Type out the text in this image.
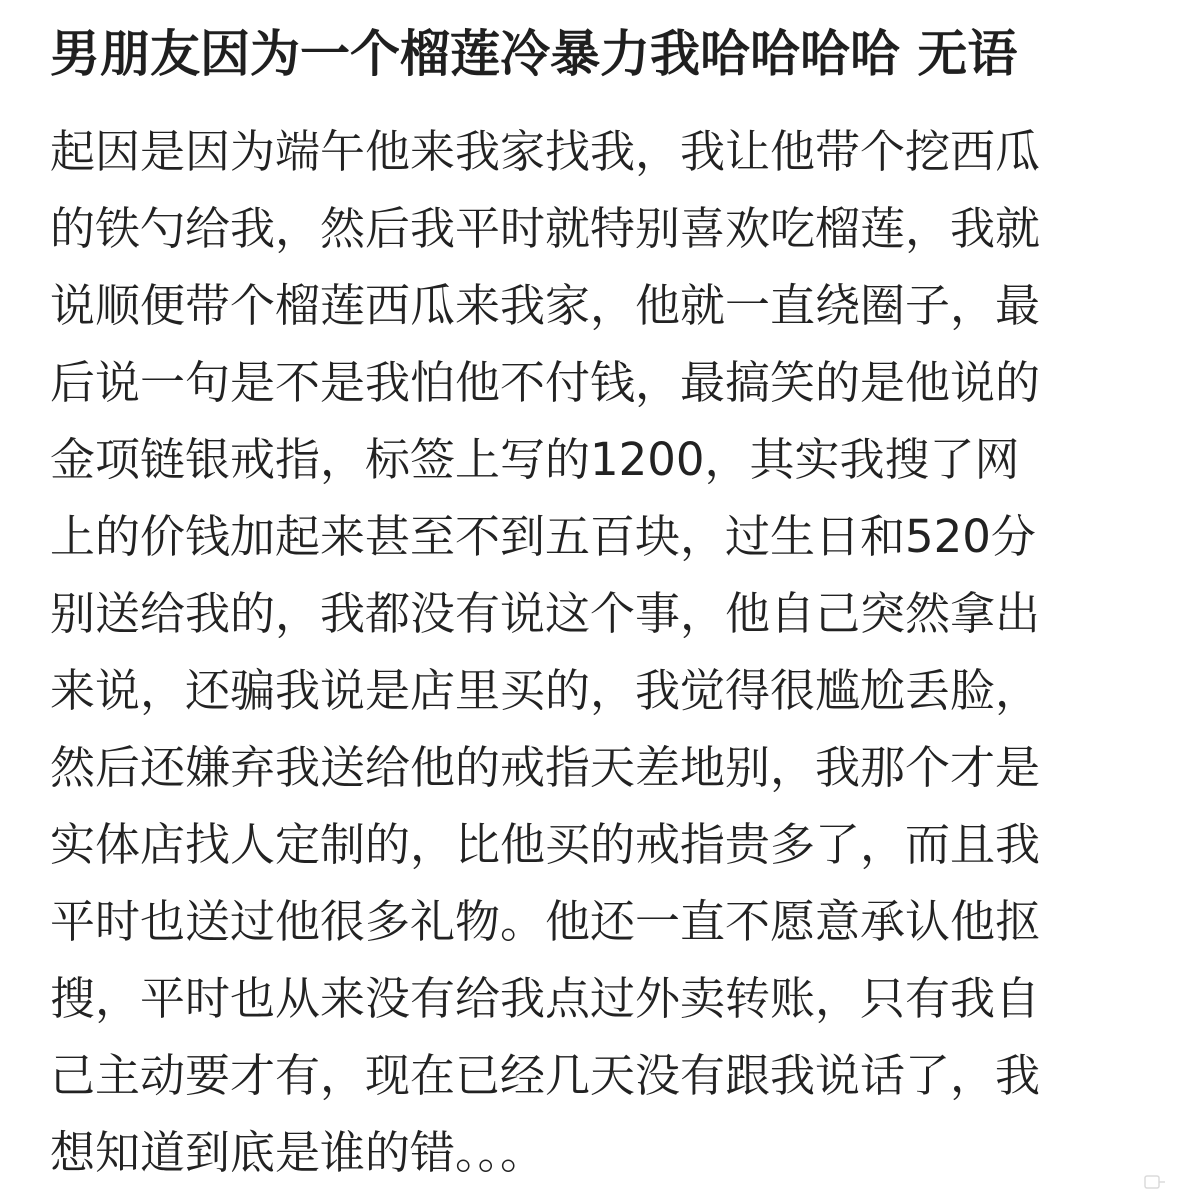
男朋友因为一个榴莲冷暴力我哈哈哈哈 无语
起因是因为端午他来我家找我，我让他带个挖西瓜
的铁勺给我，然后我平时就特别喜欢吃榴莲，我就
说顺便带个榴莲西瓜来我家，他就一直绕圈子，最
后说一句是不是我怕他不付钱，最搞笑的是他说的
金项链银戒指，标签上写的1200，其实我搜了网
上的价钱加起来甚至不到五百块，过生日和520分
别送给我的，我都没有说这个事，他自己突然拿出
来说，还骗我说是店里买的，我觉得很尴尬丢脸，
然后还嫌弃我送给他的戒指天差地别，我那个才是
实体店找人定制的，比他买的戒指贵多了，而且我
平时也送过他很多礼物。他还一直不愿意承认他抠
搜，平时也从来没有给我点过外卖转账，只有我自
己主动要才有，现在已经几天没有跟我说话了，我
想知道到底是谁的错。。。
